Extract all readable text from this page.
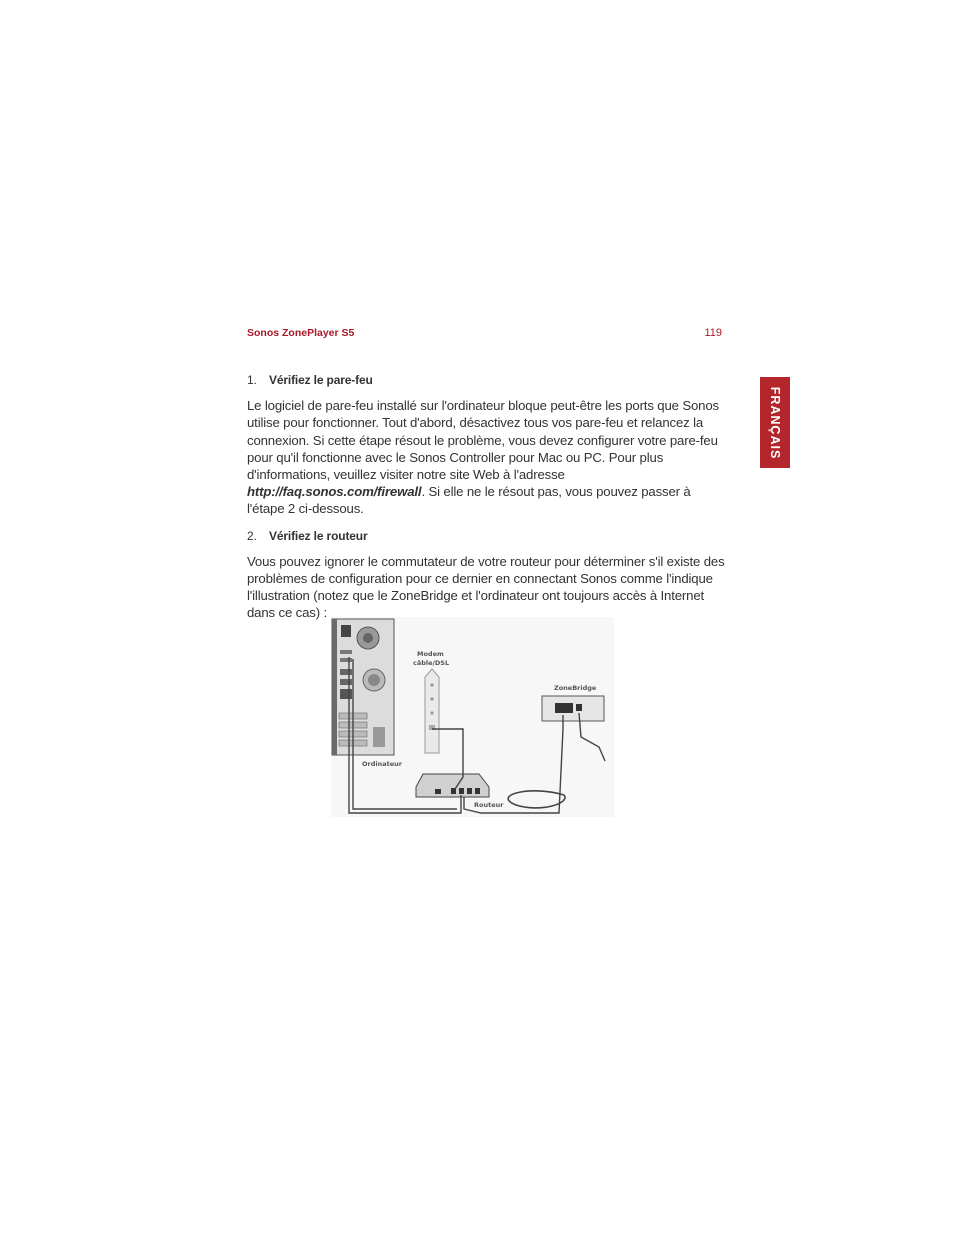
Sonos ZonePlayer S5	119
FRANÇAIS
1. Vérifiez le pare-feu

Le logiciel de pare-feu installé sur l'ordinateur bloque peut-être les ports que Sonos utilise pour fonctionner. Tout d'abord, désactivez tous vos pare-feu et relancez la connexion. Si cette étape résout le problème, vous devez configurer votre pare-feu pour qu'il fonctionne avec le Sonos Controller pour Mac ou PC. Pour plus d'informations, veuillez visiter notre site Web à l'adresse http://faq.sonos.com/firewall. Si elle ne le résout pas, vous pouvez passer à l'étape 2 ci-dessous.

2. Vérifiez le routeur

Vous pouvez ignorer le commutateur de votre routeur pour déterminer s'il existe des problèmes de configuration pour ce dernier en connectant Sonos comme l'indique l'illustration (notez que le ZoneBridge et l'ordinateur ont toujours accès à Internet dans ce cas) :

Modem
câble/DSL
ZoneBridge
Ordinateur
Routeur
